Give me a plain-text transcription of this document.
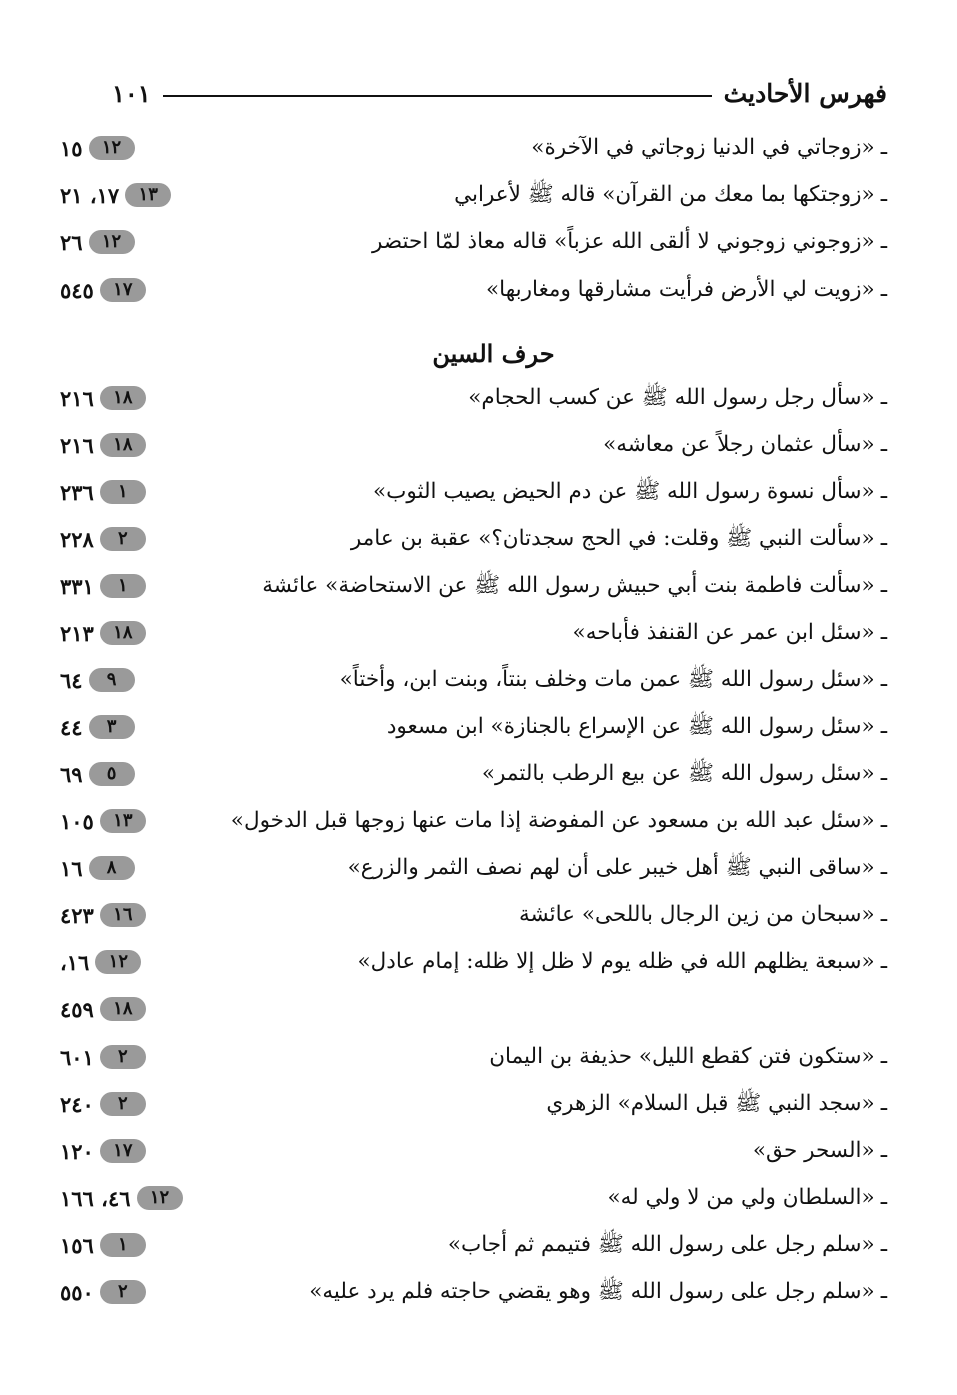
فهرس الأحاديث
١٠١
ـ«زوجاتي في الدنيا زوجاتي في الآخرة»
١٢
١٥
ـ«زوجتكها بما معك من القرآن» قاله ﷺ لأعرابي
١٣
١٧، ٢١
ـ«زوجوني زوجوني لا ألقى الله عزباً» قاله معاذ لمّا احتضر
١٢
٢٦
ـ«زويت لي الأرض فرأيت مشارقها ومغاربها»
١٧
٥٤٥
حرف السين
ـ«سأل رجل رسول الله ﷺ عن كسب الحجام»
١٨
٢١٦
ـ«سأل عثمان رجلاً عن معاشه»
١٨
٢١٦
ـ«سأل نسوة رسول الله ﷺ عن دم الحيض يصيب الثوب»
١
٢٣٦
ـ«سألت النبي ﷺ وقلت: في الحج سجدتان؟» عقبة بن عامر
٢
٢٢٨
ـ«سألت فاطمة بنت أبي حبيش رسول الله ﷺ عن الاستحاضة» عائشة
١
٣٣١
ـ«سئل ابن عمر عن القنفذ فأباحه»
١٨
٢١٣
ـ«سئل رسول الله ﷺ عمن مات وخلف بنتاً، وبنت ابن، وأختاً»
٩
٦٤
ـ«سئل رسول الله ﷺ عن الإسراع بالجنازة» ابن مسعود
٣
٤٤
ـ«سئل رسول الله ﷺ عن بيع الرطب بالتمر»
٥
٦٩
ـ«سئل عبد الله بن مسعود عن المفوضة إذا مات عنها زوجها قبل الدخول»
١٣
١٠٥
ـ«ساقى النبي ﷺ أهل خيبر على أن لهم نصف الثمر والزرع»
٨
١٦
ـ«سبحان من زين الرجال باللحى» عائشة
١٦
٤٢٣
ـ«سبعة يظلهم الله في ظله يوم لا ظل إلا ظله: إمام عادل»
١٢
١٦،
١٨
٤٥٩
ـ«ستكون فتن كقطع الليل» حذيفة بن اليمان
٢
٦٠١
ـ«سجد النبي ﷺ قبل السلام» الزهري
٢
٢٤٠
ـ«السحر حق»
١٧
١٢٠
ـ«السلطان ولي من لا ولي له»
١٢
٤٦، ١٦٦
ـ«سلم رجل على رسول الله ﷺ فتيمم ثم أجاب»
١
١٥٦
ـ«سلم رجل على رسول الله ﷺ وهو يقضي حاجته فلم يرد عليه»
٢
٥٥٠
